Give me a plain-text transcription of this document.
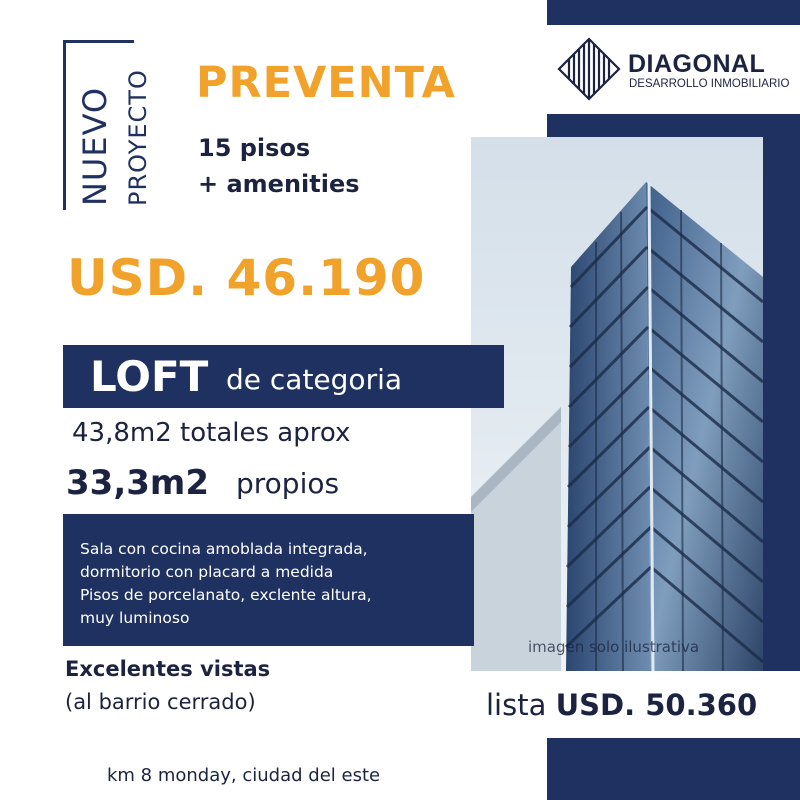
DIAGONAL
DESARROLLO INMOBILIARIO
imagen solo ilustrativa
lista USD. 50.360
NUEVO PROYECTO PREVENTA
15 pisos
+ amenities
USD. 46.190
LOFT de categoria
43,8m2 totales aprox
33,3m2 propios
Sala con cocina amoblada integrada,
dormitorio con placard a medida
Pisos de porcelanato, exclente altura,
muy luminoso
Excelentes vistas
(al barrio cerrado)
km 8 monday, ciudad del este
